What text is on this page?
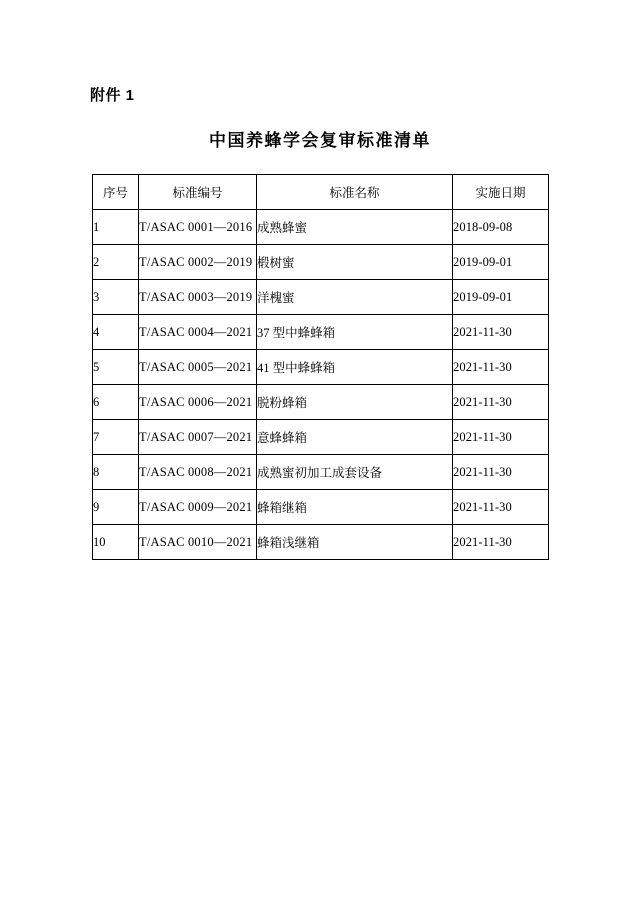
附件 1
中国养蜂学会复审标准清单
序号	标准编号	标准名称	实施日期
1	T/ASAC 0001—2016	成熟蜂蜜	2018-09-08
2	T/ASAC 0002—2019	椴树蜜	2019-09-01
3	T/ASAC 0003—2019	洋槐蜜	2019-09-01
4	T/ASAC 0004—2021	37 型中蜂蜂箱	2021-11-30
5	T/ASAC 0005—2021	41 型中蜂蜂箱	2021-11-30
6	T/ASAC 0006—2021	脱粉蜂箱	2021-11-30
7	T/ASAC 0007—2021	意蜂蜂箱	2021-11-30
8	T/ASAC 0008—2021	成熟蜜初加工成套设备	2021-11-30
9	T/ASAC 0009—2021	蜂箱继箱	2021-11-30
10	T/ASAC 0010—2021	蜂箱浅继箱	2021-11-30
